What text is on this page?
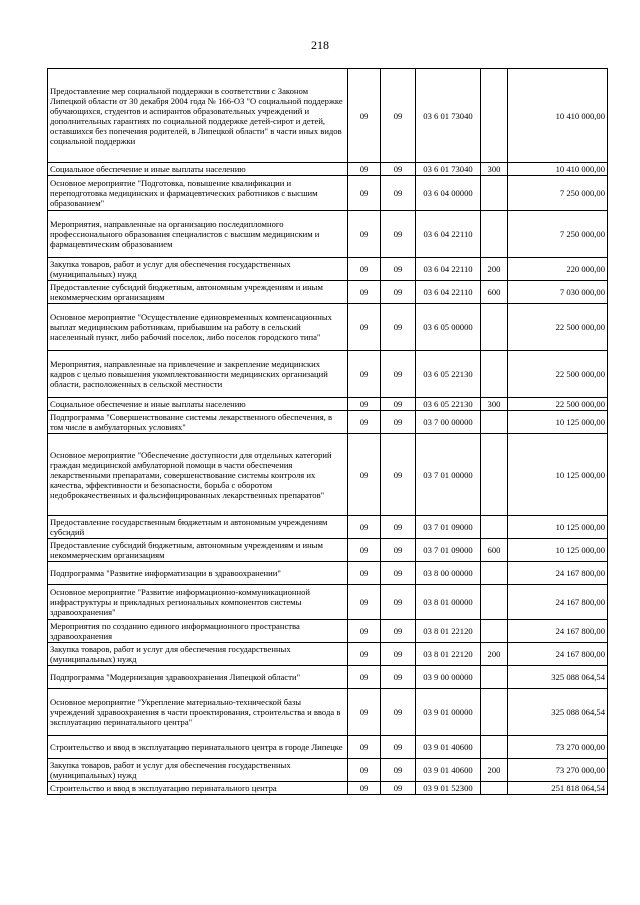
218
Предоставление мер социальной поддержки в соответствии с Законом Липецкой области от 30 декабря 2004 года № 166-ОЗ "О социальной поддержке обучающихся, студентов и аспирантов образовательных учреждений и дополнительных гарантиях по социальной поддержке детей-сирот и детей, оставшихся без попечения родителей, в Липецкой области" в части иных видов социальной поддержки	09	09	03 6 01 73040		10 410 000,00
Социальное обеспечение и иные выплаты населению	09	09	03 6 01 73040	300	10 410 000,00
Основное мероприятие "Подготовка, повышение квалификации и переподготовка медицинских и фармацевтических работников с высшим образованием"	09	09	03 6 04 00000		7 250 000,00
Мероприятия, направленные на организацию последипломного профессионального образования специалистов с высшим медицинским и фармацевтическим образованием	09	09	03 6 04 22110		7 250 000,00
Закупка товаров, работ и услуг для обеспечения государственных (муниципальных) нужд	09	09	03 6 04 22110	200	220 000,00
Предоставление субсидий бюджетным, автономным учреждениям и иным некоммерческим организациям	09	09	03 6 04 22110	600	7 030 000,00
Основное мероприятие "Осуществление единовременных компенсационных выплат медицинским работникам, прибывшим на работу в сельский населенный пункт, либо рабочий поселок, либо поселок городского типа"	09	09	03 6 05 00000		22 500 000,00
Мероприятия, направленные на привлечение и закрепление медицинских кадров с целью повышения укомплектованности медицинских организаций области, расположенных в сельской местности	09	09	03 6 05 22130		22 500 000,00
Социальное обеспечение и иные выплаты населению	09	09	03 6 05 22130	300	22 500 000,00
Подпрограмма "Совершенствование системы лекарственного обеспечения, в том числе в амбулаторных условиях"	09	09	03 7 00 00000		10 125 000,00
Основное мероприятие "Обеспечение доступности для отдельных категорий граждан медицинской амбулаторной помощи в части обеспечения лекарственными препаратами, совершенствование системы контроля их качества, эффективности и безопасности, борьба с оборотом недоброкачественных и фальсифицированных лекарственных препаратов"	09	09	03 7 01 00000		10 125 000,00
Предоставление государственным бюджетным и автономным учреждениям субсидий	09	09	03 7 01 09000		10 125 000,00
Предоставление субсидий бюджетным, автономным учреждениям и иным некоммерческим организациям	09	09	03 7 01 09000	600	10 125 000,00
Подпрограмма "Развитие информатизации в здравоохранении"	09	09	03 8 00 00000		24 167 800,00
Основное мероприятие "Развитие информационно-коммуникационной инфраструктуры и прикладных региональных компонентов системы здравоохранения"	09	09	03 8 01 00000		24 167 800,00
Мероприятия по созданию единого информационного пространства здравоохранения	09	09	03 8 01 22120		24 167 800,00
Закупка товаров, работ и услуг для обеспечения государственных (муниципальных) нужд	09	09	03 8 01 22120	200	24 167 800,00
Подпрограмма "Модернизация здравоохранения Липецкой области"	09	09	03 9 00 00000		325 088 064,54
Основное мероприятие "Укрепление материально-технической базы учреждений здравоохранения в части проектирования, строительства и ввода в эксплуатацию перинатального центра"	09	09	03 9 01 00000		325 088 064,54
Строительство и ввод в эксплуатацию перинатального центра в городе Липецке	09	09	03 9 01 40600		73 270 000,00
Закупка товаров, работ и услуг для обеспечения государственных (муниципальных) нужд	09	09	03 9 01 40600	200	73 270 000,00
Строительство и ввод в эксплуатацию перинатального центра	09	09	03 9 01 52300		251 818 064,54
